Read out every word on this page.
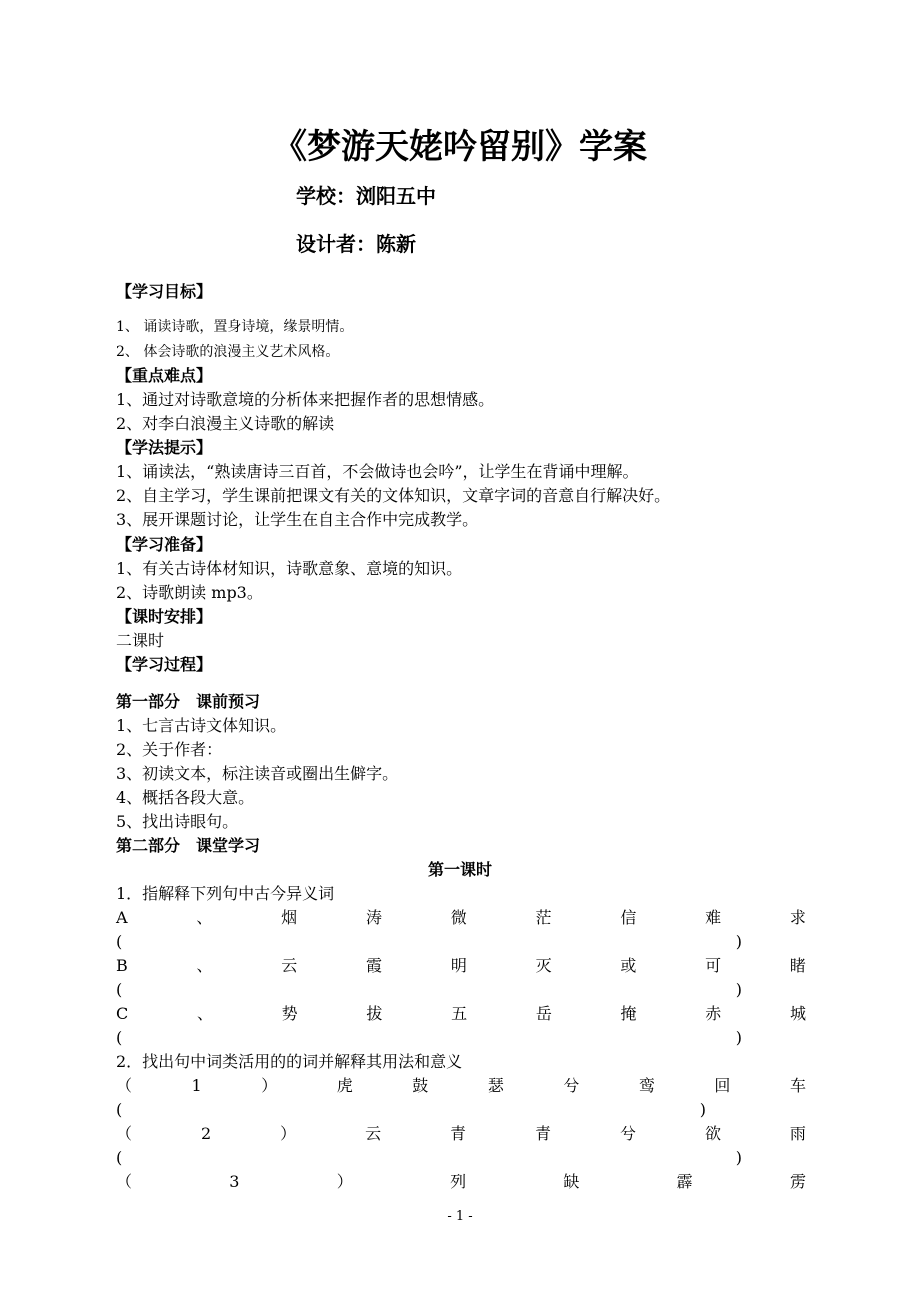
《梦游天姥吟留别》学案
学校：浏阳五中
设计者：陈新
【学习目标】
1、 诵读诗歌，置身诗境，缘景明情。
2、 体会诗歌的浪漫主义艺术风格。
【重点难点】
1、通过对诗歌意境的分析体来把握作者的思想情感。
2、对李白浪漫主义诗歌的解读
【学法提示】
1、诵读法，“熟读唐诗三百首，不会做诗也会吟”，让学生在背诵中理解。
2、自主学习，学生课前把课文有关的文体知识，文章字词的音意自行解决好。
3、展开课题讨论，让学生在自主合作中完成教学。
【学习准备】
1、有关古诗体材知识，诗歌意象、意境的知识。
2、诗歌朗读 mp3。
【课时安排】
二课时
【学习过程】
第一部分　课前预习
1、七言古诗文体知识。
2、关于作者：
3、初读文本，标注读音或圈出生僻字。
4、概括各段大意。
5、找出诗眼句。
第二部分　课堂学习
第一课时
1．指解释下列句中古今异义词
A	、	烟	涛	微	茫	信	难	求
(	)
B	、	云	霞	明	灭	或	可	睹
(	)
C	、	势	拔	五	岳	掩	赤	城
(	)
2．找出句中词类活用的的词并解释其用法和意义
（	1	）	虎	鼓	瑟	兮	鸾	回	车
(	)
（	2	）	云	青	青	兮	欲	雨
(	)
（	3	）	列	缺	霹	雳
- 1 -
